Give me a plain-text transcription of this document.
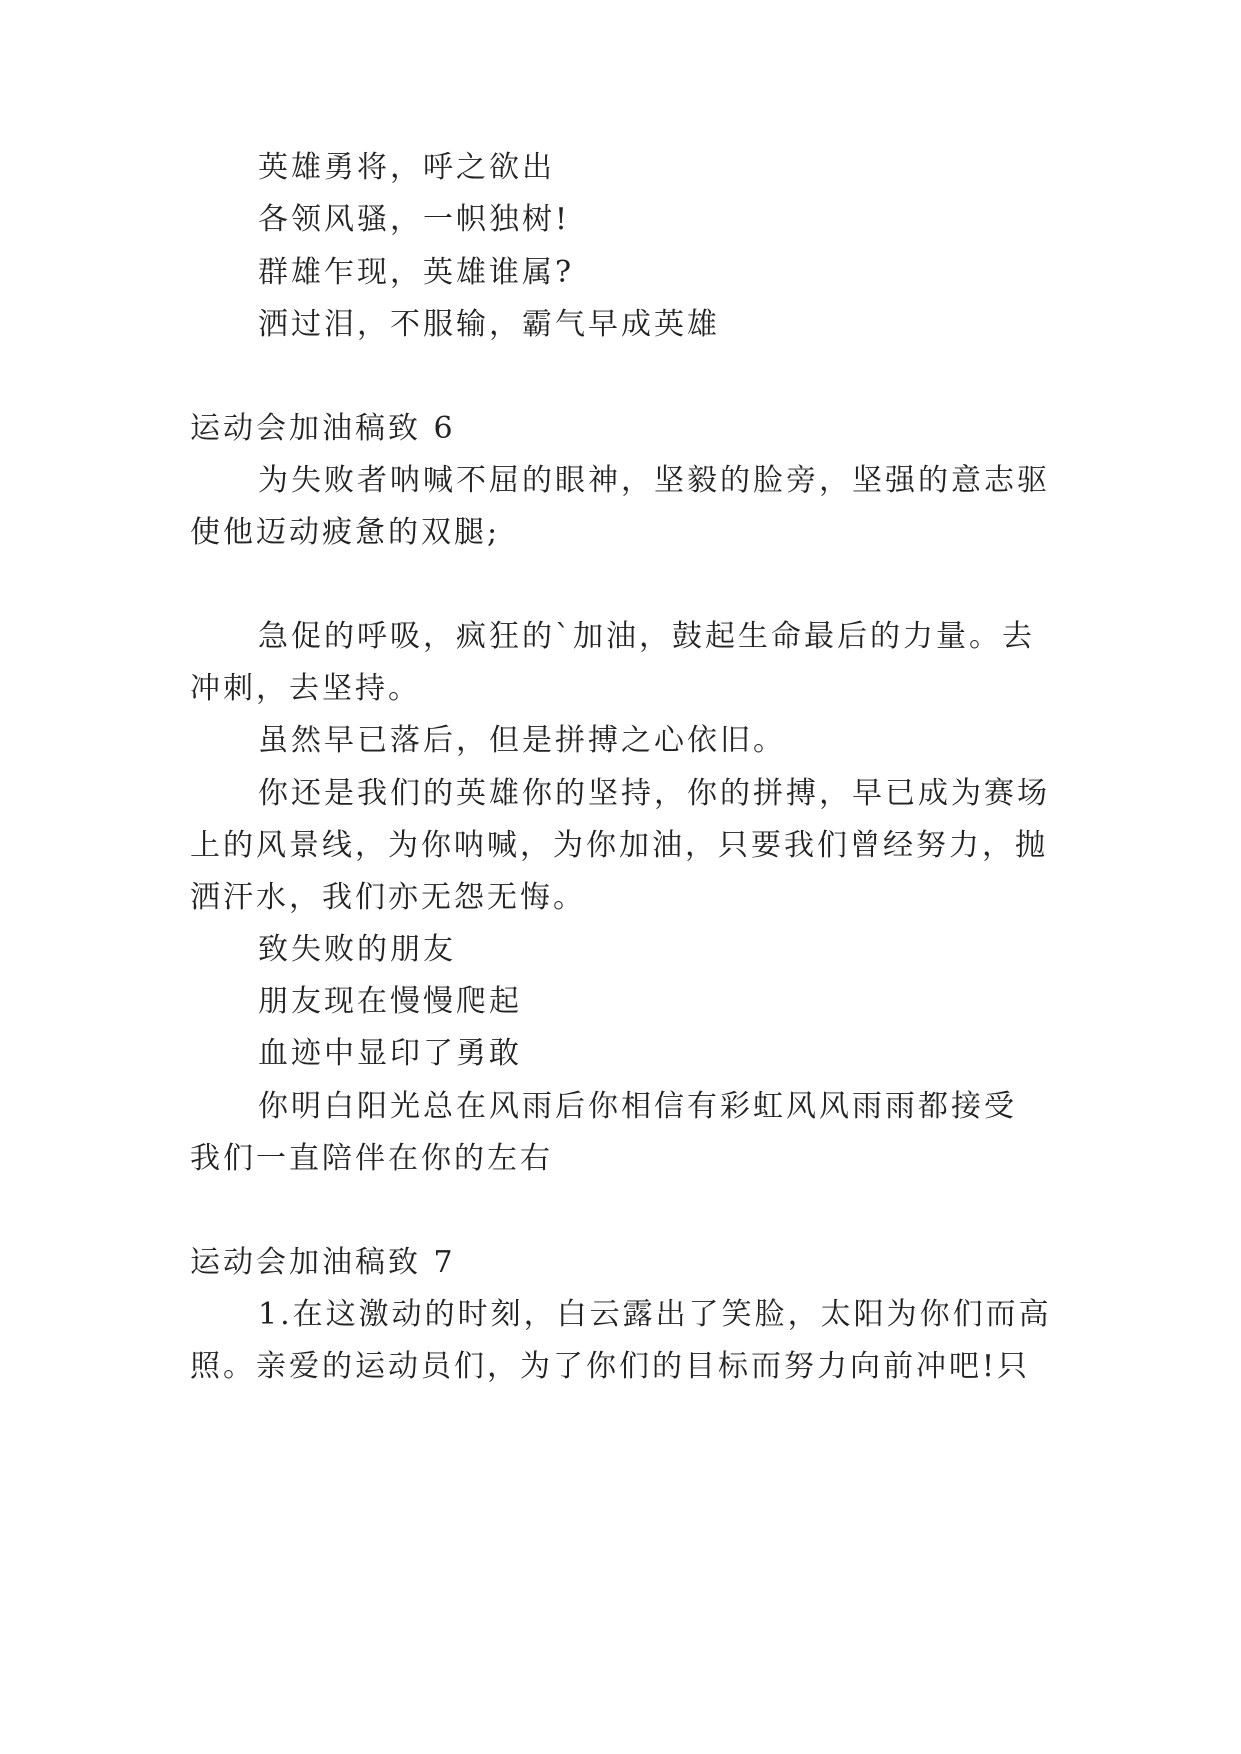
英雄勇将，呼之欲出
各领风骚，一帜独树!
群雄乍现，英雄谁属?
洒过泪，不服输，霸气早成英雄
运动会加油稿致 6
为失败者呐喊不屈的眼神，坚毅的脸旁，坚强的意志驱
使他迈动疲惫的双腿;
急促的呼吸，疯狂的`加油，鼓起生命最后的力量。去
冲刺，去坚持。
虽然早已落后，但是拼搏之心依旧。
你还是我们的英雄你的坚持，你的拼搏，早已成为赛场
上的风景线，为你呐喊，为你加油，只要我们曾经努力，抛
洒汗水，我们亦无怨无悔。
致失败的朋友
朋友现在慢慢爬起
血迹中显印了勇敢
你明白阳光总在风雨后你相信有彩虹风风雨雨都接受
我们一直陪伴在你的左右
运动会加油稿致 7
1.在这激动的时刻，白云露出了笑脸，太阳为你们而高
照。亲爱的运动员们，为了你们的目标而努力向前冲吧!只
